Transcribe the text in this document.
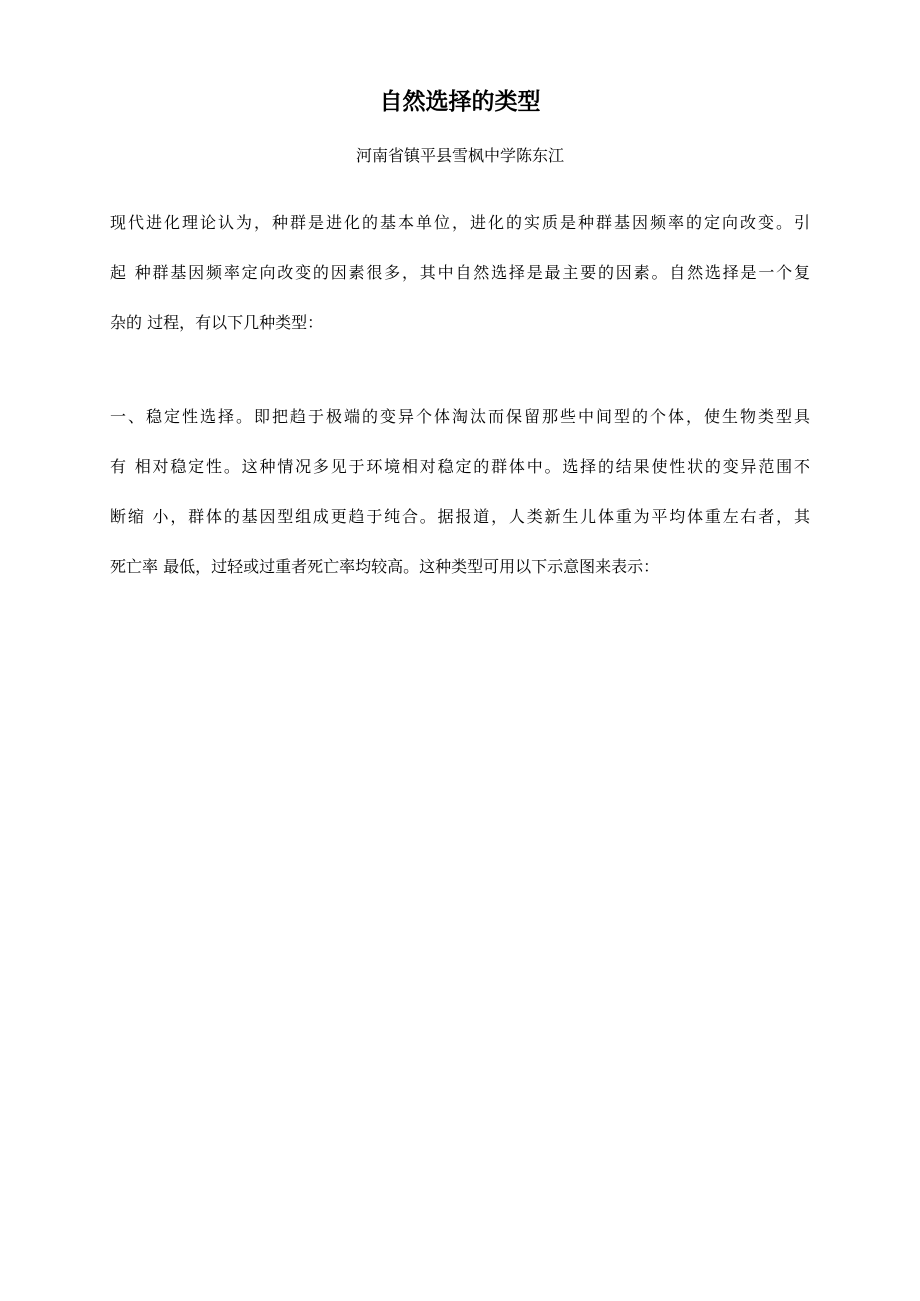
自然选择的类型

河南省镇平县雪枫中学陈东江

现代进化理论认为，种群是进化的基本单位，进化的实质是种群基因频率的定向改变。引
起 种群基因频率定向改变的因素很多，其中自然选择是最主要的因素。自然选择是一个复
杂的 过程，有以下几种类型：
一、稳定性选择。即把趋于极端的变异个体淘汰而保留那些中间型的个体，使生物类型具
有 相对稳定性。这种情况多见于环境相对稳定的群体中。选择的结果使性状的变异范围不
断缩 小，群体的基因型组成更趋于纯合。据报道，人类新生儿体重为平均体重左右者，其
死亡率 最低，过轻或过重者死亡率均较高。这种类型可用以下示意图来表示：
